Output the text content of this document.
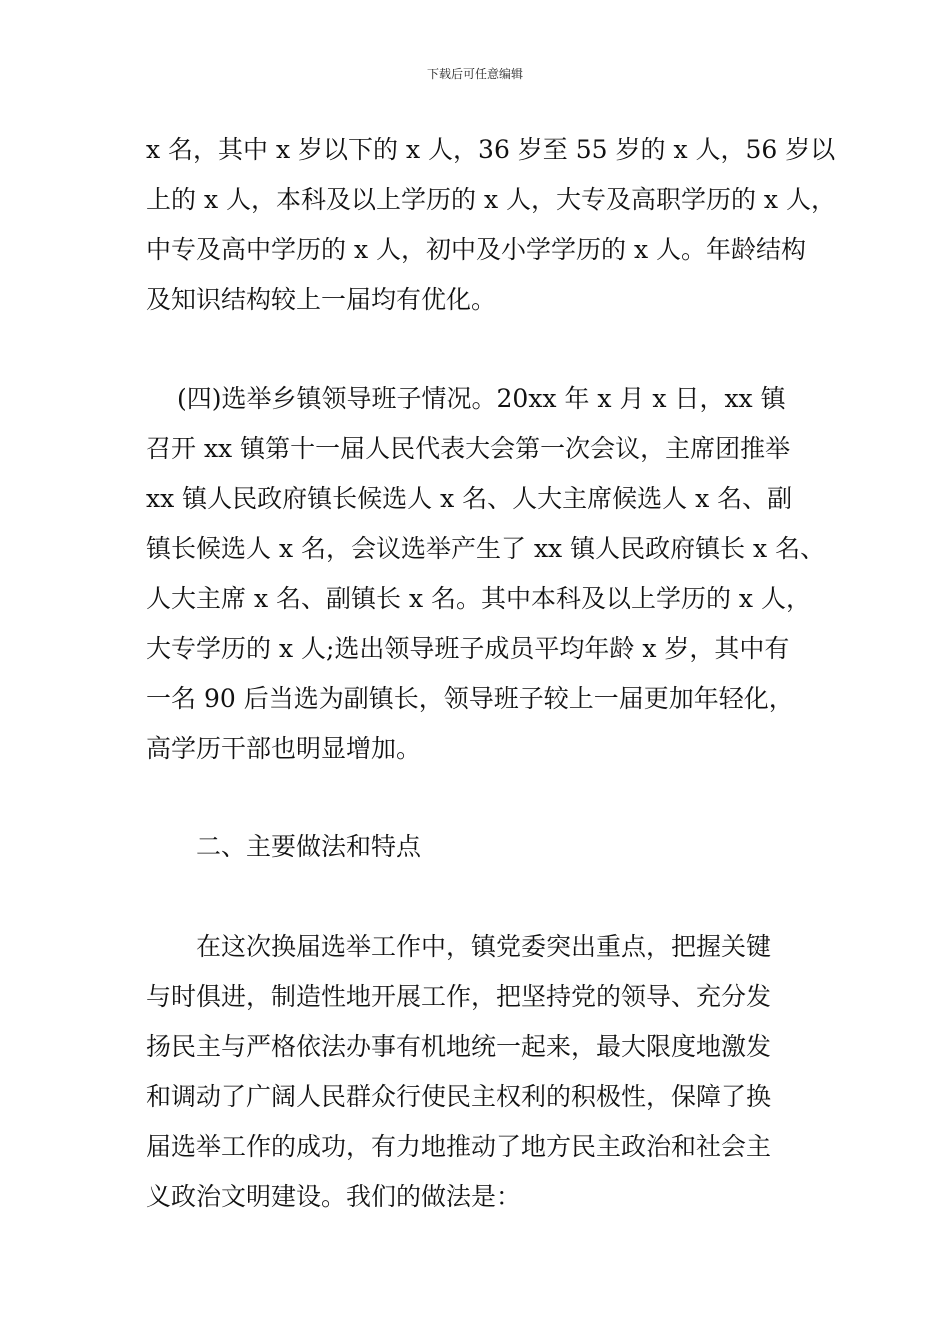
下载后可任意编辑
x 名，其中 x 岁以下的 x 人，36 岁至 55 岁的 x 人，56 岁以
上的 x 人，本科及以上学历的 x 人，大专及高职学历的 x 人，
中专及高中学历的 x 人，初中及小学学历的 x 人。年龄结构
及知识结构较上一届均有优化。
(四)选举乡镇领导班子情况。20xx 年 x 月 x 日，xx 镇
召开 xx 镇第十一届人民代表大会第一次会议，主席团推举
xx 镇人民政府镇长候选人 x 名、人大主席候选人 x 名、副
镇长候选人 x 名，会议选举产生了 xx 镇人民政府镇长 x 名、
人大主席 x 名、副镇长 x 名。其中本科及以上学历的 x 人，
大专学历的 x 人;选出领导班子成员平均年龄 x 岁，其中有
一名 90 后当选为副镇长，领导班子较上一届更加年轻化，
高学历干部也明显增加。
二、主要做法和特点
在这次换届选举工作中，镇党委突出重点，把握关键
与时俱进，制造性地开展工作，把坚持党的领导、充分发
扬民主与严格依法办事有机地统一起来，最大限度地激发
和调动了广阔人民群众行使民主权利的积极性，保障了换
届选举工作的成功，有力地推动了地方民主政治和社会主
义政治文明建设。我们的做法是：
